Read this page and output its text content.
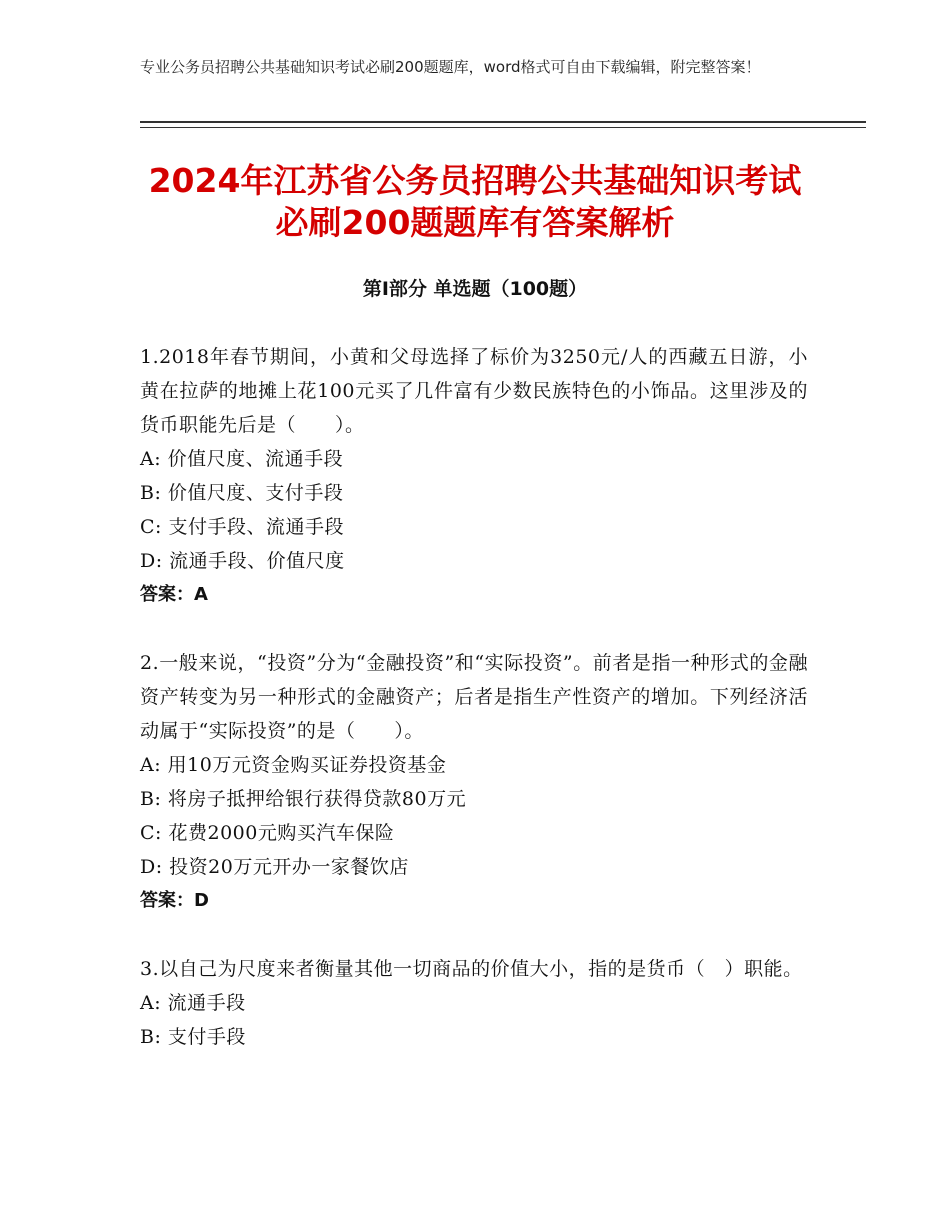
专业公务员招聘公共基础知识考试必刷200题题库，word格式可自由下载编辑，附完整答案！
2024年江苏省公务员招聘公共基础知识考试
必刷200题题库有答案解析
第Ⅰ部分 单选题（100题）
1.2018年春节期间，小黄和父母选择了标价为3250元/人的西藏五日游，小黄在拉萨的地摊上花100元买了几件富有少数民族特色的小饰品。这里涉及的货币职能先后是（　　）。
A: 价值尺度、流通手段
B: 价值尺度、支付手段
C: 支付手段、流通手段
D: 流通手段、价值尺度
答案：A
2.一般来说，“投资”分为“金融投资”和“实际投资”。前者是指一种形式的金融资产转变为另一种形式的金融资产；后者是指生产性资产的增加。下列经济活动属于“实际投资”的是（　　）。
A: 用10万元资金购买证券投资基金
B: 将房子抵押给银行获得贷款80万元
C: 花费2000元购买汽车保险
D: 投资20万元开办一家餐饮店
答案：D
3.以自己为尺度来者衡量其他一切商品的价值大小，指的是货币（　）职能。
A: 流通手段
B: 支付手段
